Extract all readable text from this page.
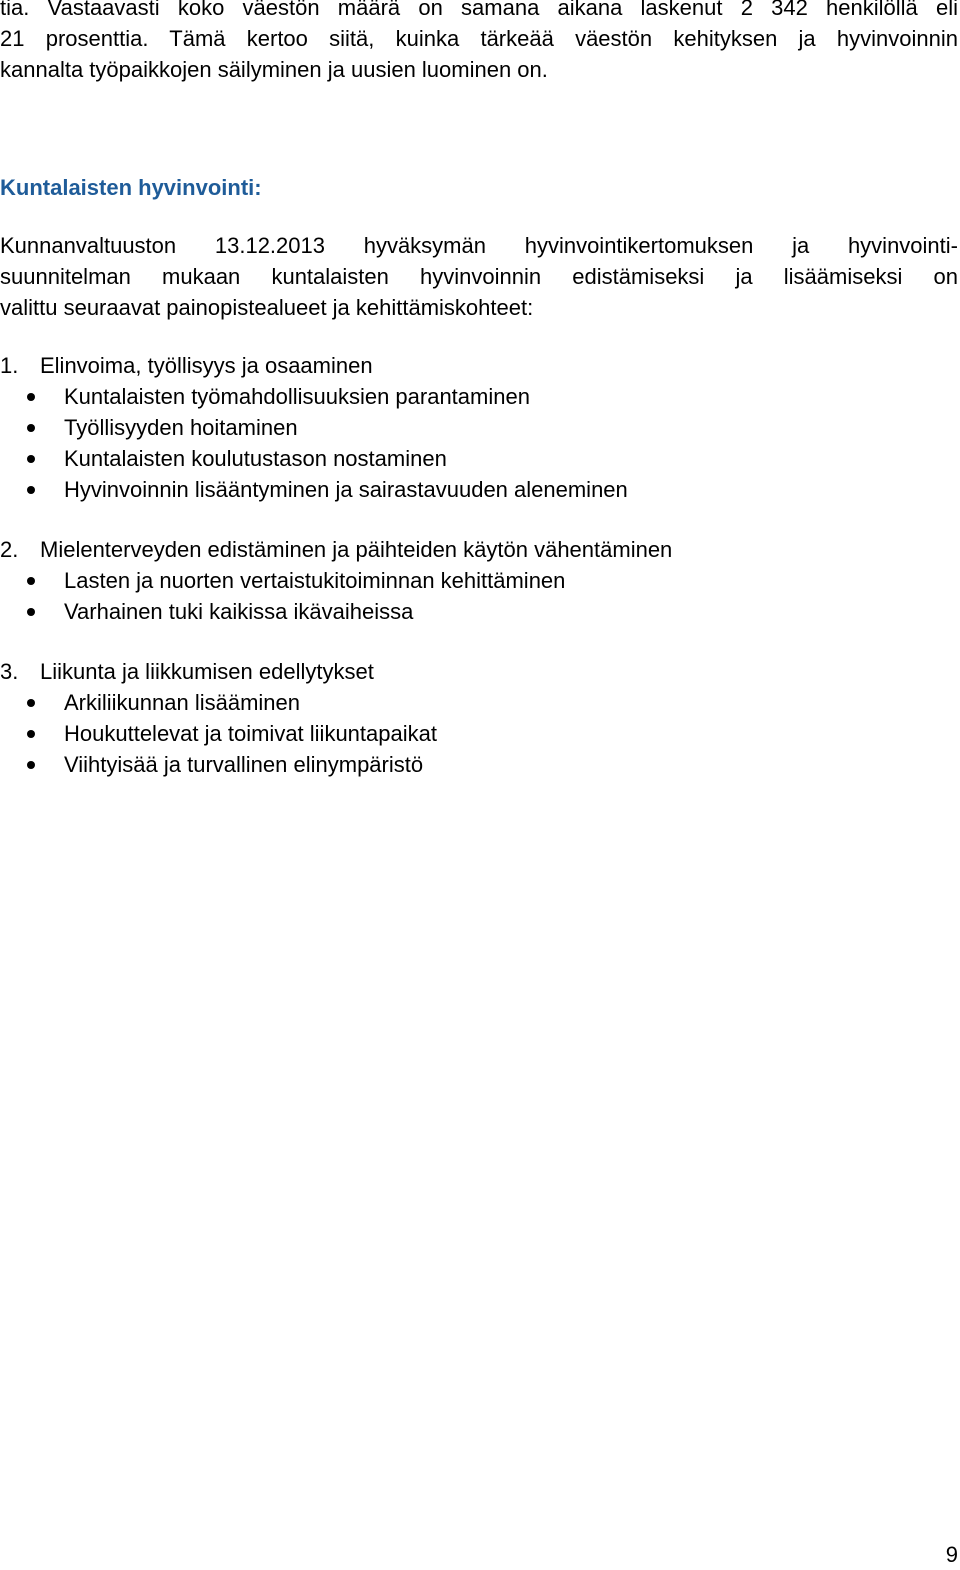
tia. Vastaavasti koko väestön määrä on samana aikana laskenut 2 342 henkilöllä eli
21 prosenttia. Tämä kertoo siitä, kuinka tärkeää väestön kehityksen ja hyvinvoinnin
kannalta työpaikkojen säilyminen ja uusien luominen on.

Kuntalaisten hyvinvointi:

Kunnanvaltuuston 13.12.2013 hyväksymän hyvinvointikertomuksen ja hyvinvointi-
suunnitelman mukaan kuntalaisten hyvinvoinnin edistämiseksi ja lisäämiseksi on
valittu seuraavat painopistealueet ja kehittämiskohteet:

1. Elinvoima, työllisyys ja osaaminen
Kuntalaisten työmahdollisuuksien parantaminen
Työllisyyden hoitaminen
Kuntalaisten koulutustason nostaminen
Hyvinvoinnin lisääntyminen ja sairastavuuden aleneminen
2. Mielenterveyden edistäminen ja päihteiden käytön vähentäminen
Lasten ja nuorten vertaistukitoiminnan kehittäminen
Varhainen tuki kaikissa ikävaiheissa
3. Liikunta ja liikkumisen edellytykset
Arkiliikunnan lisääminen
Houkuttelevat ja toimivat liikuntapaikat
Viihtyisää ja turvallinen elinympäristö
9
